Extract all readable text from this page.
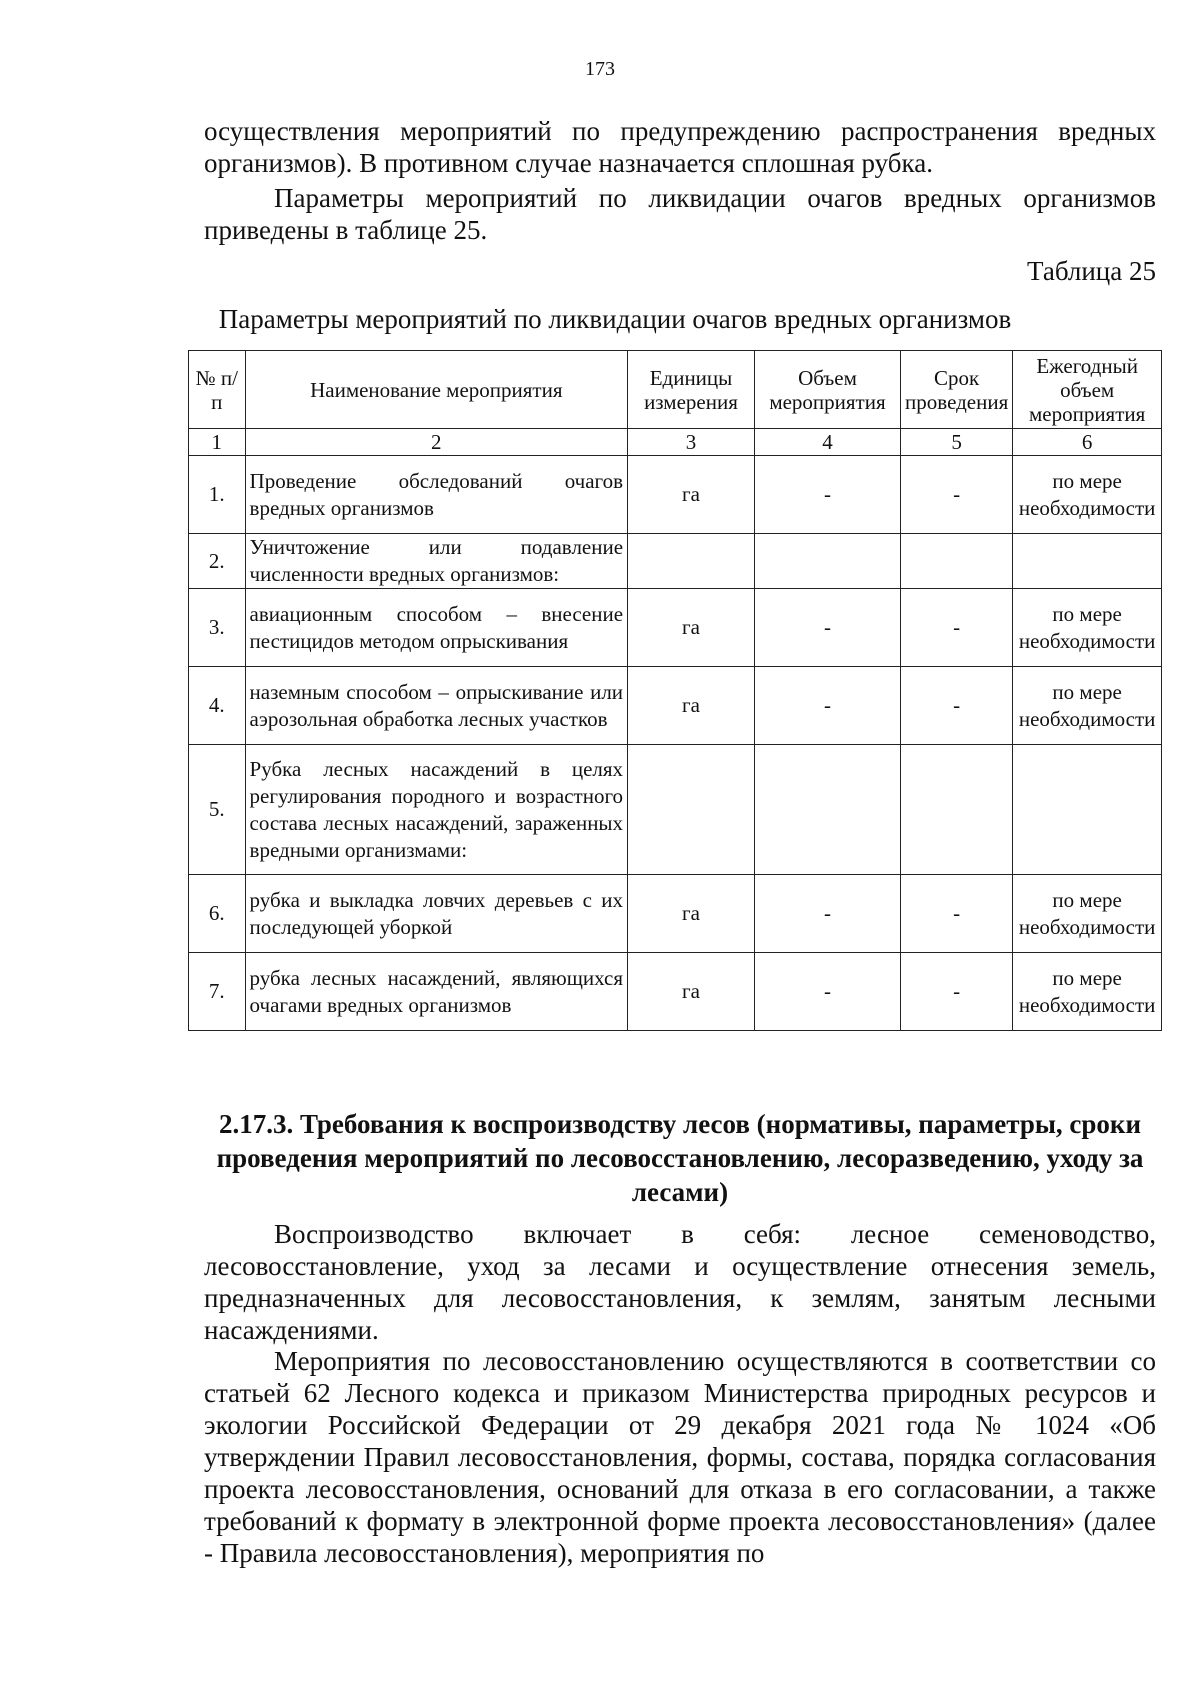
173

осуществления мероприятий по предупреждению распространения вредных организмов). В противном случае назначается сплошная рубка.

Параметры мероприятий по ликвидации очагов вредных организмов приведены в таблице 25.

Таблица 25
Параметры мероприятий по ликвидации очагов вредных организмов
№ п/п	Наименование мероприятия	Единицы измерения	Объем мероприятия	Срок проведения	Ежегодный объем мероприятия
1	2	3	4	5	6
1.	Проведение обследований очагов вредных организмов	га	-	-	по мере необходимости
2.	Уничтожение или подавление численности вредных организмов:				
3.	авиационным способом – внесение пестицидов методом опрыскивания	га	-	-	по мере необходимости
4.	наземным способом – опрыскивание или аэрозольная обработка лесных участков	га	-	-	по мере необходимости
5.	Рубка лесных насаждений в целях регулирования породного и возрастного состава лесных насаждений, зараженных вредными организмами:				
6.	рубка и выкладка ловчих деревьев с их последующей уборкой	га	-	-	по мере необходимости
7.	рубка лесных насаждений, являющихся очагами вредных организмов	га	-	-	по мере необходимости
2.17.3. Требования к воспроизводству лесов (нормативы, параметры, сроки проведения мероприятий по лесовосстановлению, лесоразведению, уходу за лесами)

Воспроизводство включает в себя: лесное семеноводство, лесовосстановление, уход за лесами и осуществление отнесения земель, предназначенных для лесовосстановления, к землям, занятым лесными насаждениями.

Мероприятия по лесовосстановлению осуществляются в соответствии со статьей 62 Лесного кодекса и приказом Министерства природных ресурсов и экологии Российской Федерации от 29 декабря 2021 года № 1024 «Об утверждении Правил лесовосстановления, формы, состава, порядка согласования проекта лесовосстановления, оснований для отказа в его согласовании, а также требований к формату в электронной форме проекта лесовосстановления» (далее - Правила лесовосстановления), мероприятия по
